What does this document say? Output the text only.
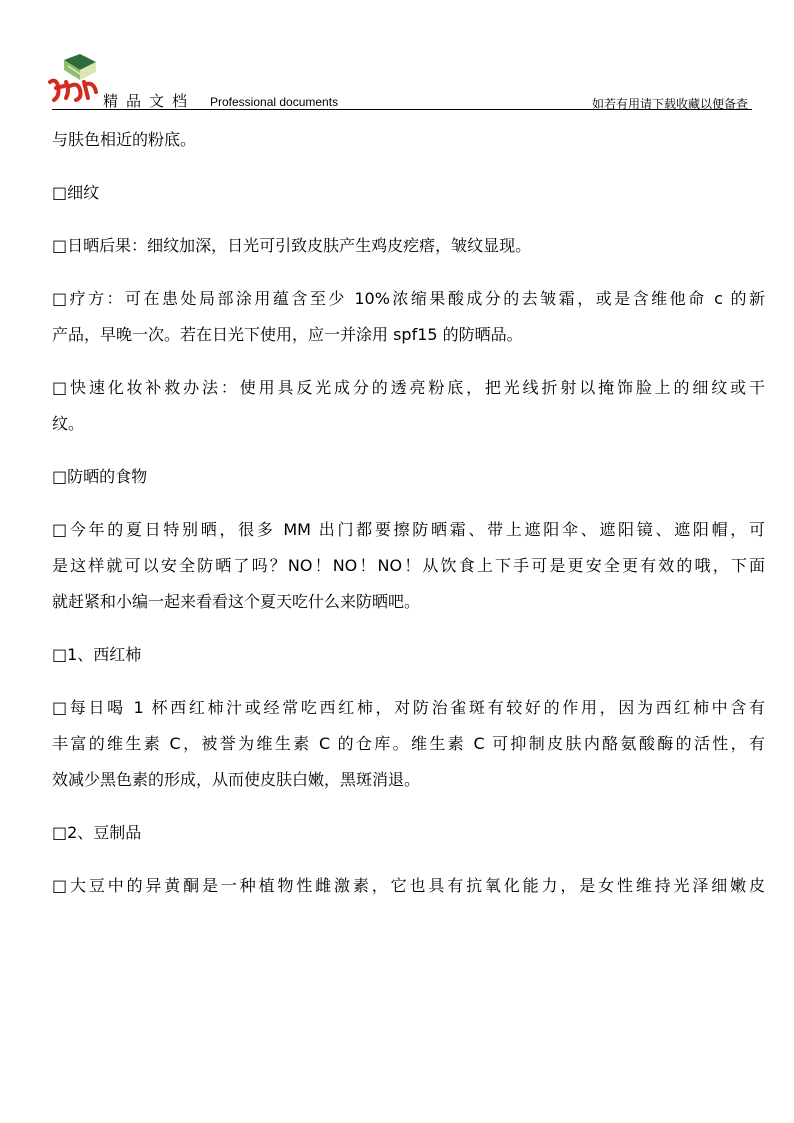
精品文档 Professional documents	如若有用请下载收藏以便备查
与肤色相近的粉底。
□细纹
□日晒后果：细纹加深，日光可引致皮肤产生鸡皮疙瘩，皱纹显现。
□疗方：可在患处局部涂用蕴含至少 10%浓缩果酸成分的去皱霜，或是含维他命 c 的新
产品，早晚一次。若在日光下使用，应一并涂用 spf15 的防晒品。
□快速化妆补救办法：使用具反光成分的透亮粉底，把光线折射以掩饰脸上的细纹或干
纹。
□防晒的食物
□今年的夏日特别晒，很多 MM 出门都要擦防晒霜、带上遮阳伞、遮阳镜、遮阳帽，可
是这样就可以安全防晒了吗？NO！NO！NO！从饮食上下手可是更安全更有效的哦，下面
就赶紧和小编一起来看看这个夏天吃什么来防晒吧。
□1、西红柿
□每日喝 1 杯西红柿汁或经常吃西红柿，对防治雀斑有较好的作用，因为西红柿中含有
丰富的维生素 C，被誉为维生素 C 的仓库。维生素 C 可抑制皮肤内酪氨酸酶的活性，有
效减少黑色素的形成，从而使皮肤白嫩，黑斑消退。
□2、豆制品
□大豆中的异黄酮是一种植物性雌激素，它也具有抗氧化能力，是女性维持光泽细嫩皮
